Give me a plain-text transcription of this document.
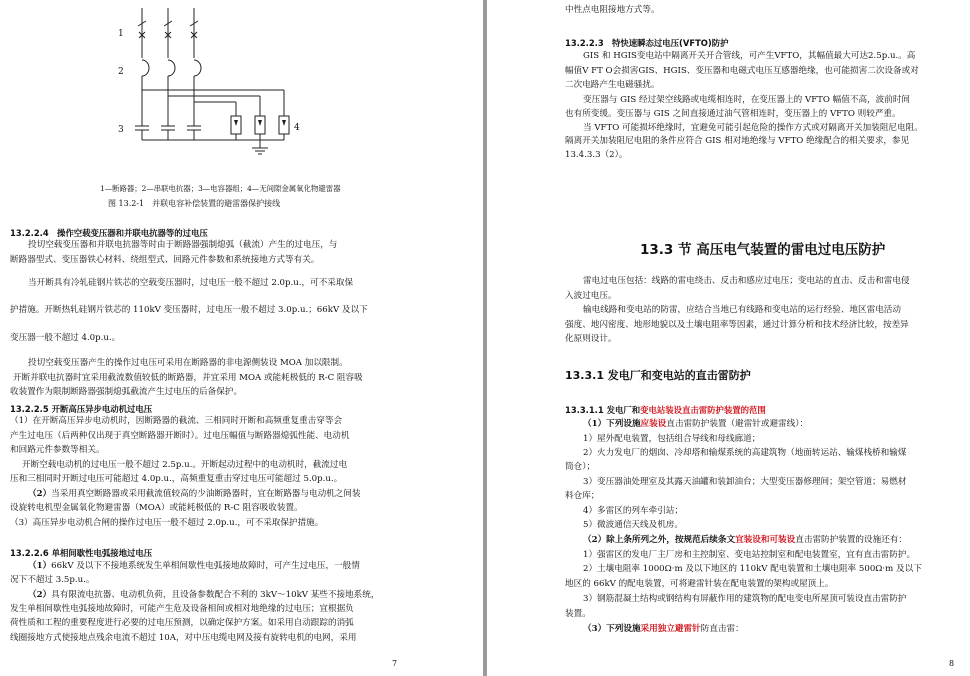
1
2
3	4
1—断路器；2—串联电抗器；3—电容器组；4—无间隙金属氧化物避雷器
图 13.2-1　并联电容补偿装置的避雷器保护接线
13.2.2.4　操作空载变压器和并联电抗器等的过电压
投切空载变压器和并联电抗器等时由于断路器强制熄弧（截流）产生的过电压，与
断路器型式、变压器铁心材料、绕组型式、回路元件参数和系统接地方式等有关。
当开断具有冷轧硅钢片铁芯的空载变压器时，过电压一般不超过 2.0p.u.，可不采取保
护措施。开断热轧硅钢片铁芯的 110kV 变压器时，过电压一般不超过 3.0p.u.；66kV 及以下
变压器一般不超过 4.0p.u.。
投切空载变压器产生的操作过电压可采用在断路器的非电源侧装设 MOA 加以限制。
开断并联电抗器时宜采用截流数值较低的断路器，并宜采用 MOA 或能耗极低的 R-C 阻容吸
收装置作为限制断路器强制熄弧截流产生过电压的后备保护。
13.2.2.5 开断高压异步电动机过电压
（1）在开断高压异步电动机时，因断路器的截流、三相同时开断和高频重复重击穿等会
产生过电压（后两种仅出现于真空断路器开断时）。过电压幅值与断路器熄弧性能、电动机
和回路元件参数等相关。
开断空载电动机的过电压一般不超过 2.5p.u.。开断起动过程中的电动机时，截流过电
压和三相同时开断过电压可能超过 4.0p.u.，高频重复重击穿过电压可能超过 5.0p.u.。
（2）当采用真空断路器或采用截流值较高的少油断路器时，宜在断路器与电动机之间装
设旋转电机型金属氧化物避雷器（MOA）或能耗极低的 R-C 阻容吸收装置。
（3）高压异步电动机合闸的操作过电压一般不超过 2.0p.u.，可不采取保护措施。
13.2.2.6 单相间歇性电弧接地过电压
（1）66kV 及以下不接地系统发生单相间歇性电弧接地故障时，可产生过电压，一般情
况下不超过 3.5p.u.。
（2）具有限流电抗器、电动机负荷，且设备参数配合不利的 3kV～10kV 某些不接地系统，
发生单相间歇性电弧接地故障时，可能产生危及设备相间或相对地绝缘的过电压；宜根据负
荷性质和工程的重要程度进行必要的过电压预测，以确定保护方案。如采用自动跟踪的消弧
线圈接地方式使接地点残余电流不超过 10A，对中压电缆电网及接有旋转电机的电网，采用
7
中性点电阻接地方式等。
13.2.2.3　特快速瞬态过电压(VFTO)防护
GIS 和 HGIS变电站中隔离开关开合管线，可产生VFTO，其幅值最大可达2.5p.u.。高
幅值V FT O会损害GIS、HGIS、变压器和电磁式电压互感器绝缘，也可能损害二次设备或对
二次电路产生电磁骚扰。
变压器与 GIS 经过架空线路或电缆相连时，在变压器上的 VFTO 幅值不高，波前时间
也有所变缓。变压器与 GIS 之间直接通过油气管相连时，变压器上的 VFTO 则较严重。
当 VFTO 可能损坏绝缘时，宜避免可能引起危险的操作方式或对隔离开关加装阻尼电阻。
隔离开关加装阻尼电阻的条件应符合 GIS 相对地绝缘与 VFTO 绝缘配合的相关要求，参见
13.4.3.3（2）。
13.3 节 高压电气装置的雷电过电压防护
雷电过电压包括：线路的雷电绕击、反击和感应过电压；变电站的直击、反击和雷电侵
入波过电压。
输电线路和变电站的防雷，应结合当地已有线路和变电站的运行经验、地区雷电活动
强度、地闪密度、地形地貌以及土壤电阻率等因素，通过计算分析和技术经济比较，按差异
化原则设计。
13.3.1 发电厂和变电站的直击雷防护
13.3.1.1 发电厂和变电站装设直击雷防护装置的范围
（1）下列设施应装设直击雷防护装置（避雷针或避雷线）：
1）屋外配电装置，包括组合导线和母线廊道；
2）火力发电厂的烟囱、冷却塔和输煤系统的高建筑物（地面转运站、输煤栈桥和输煤
筒仓）；
3）变压器油处理室及其露天油罐和装卸油台；大型变压器修理间；架空管道；易燃材
料仓库；
4）多雷区的列车牵引站；
5）微波通信天线及机房。
（2）除上条所列之外，按规范后续条文宜装设和可装设直击雷防护装置的设施还有：
1）强雷区的发电厂主厂房和主控制室、变电站控制室和配电装置室，宜有直击雷防护。
2）土壤电阻率 1000Ω·m 及以下地区的 110kV 配电装置和土壤电阻率 500Ω·m 及以下
地区的 66kV 的配电装置，可将避雷针装在配电装置的架构或屋顶上。
3）钢筋混凝土结构或钢结构有屏蔽作用的建筑物的配电变电所屋顶可装设直击雷防护
装置。
（3）下列设施采用独立避雷针防直击雷：
8
